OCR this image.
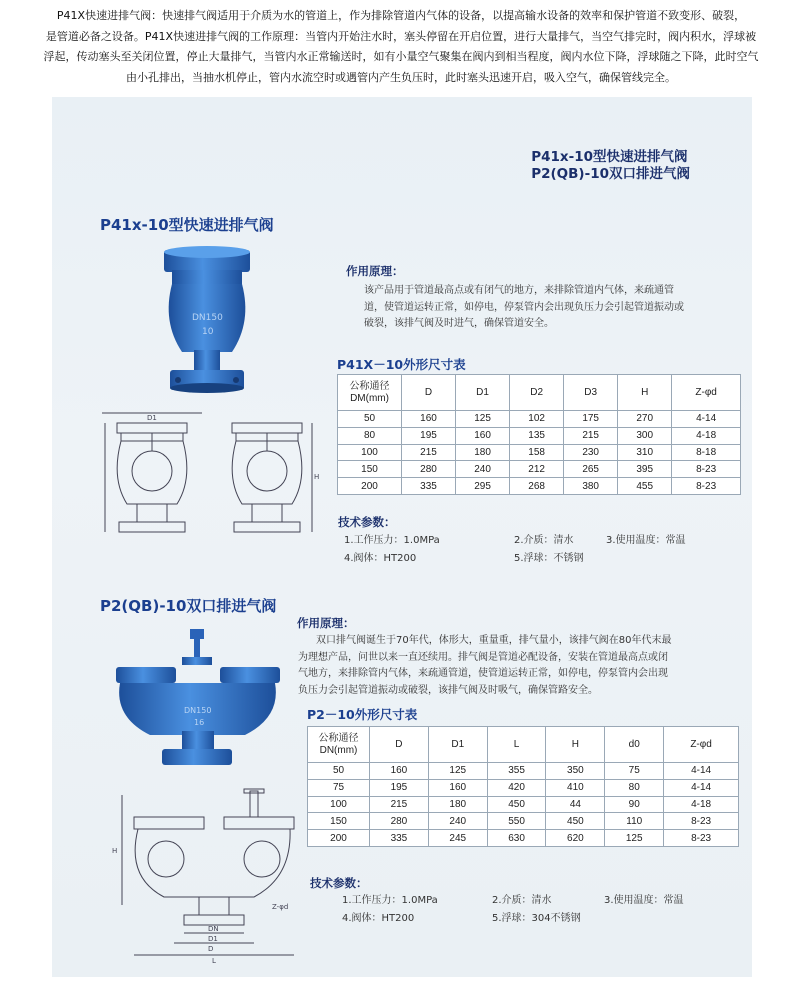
P41X快速进排气阀：快速排气阀适用于介质为水的管道上，作为排除管道内气体的设备，以提高输水设备的效率和保护管道不致变形、破裂，
是管道必备之设备。P41X快速进排气阀的工作原理：当管内开始注水时，塞头停留在开启位置，进行大量排气，当空气排完时，阀内积水，浮球被
浮起，传动塞头至关闭位置，停止大量排气，当管内水正常输送时，如有小量空气聚集在阀内到相当程度，阀内水位下降，浮球随之下降，此时空气
由小孔排出，当抽水机停止，管内水流空时或遇管内产生负压时，此时塞头迅速开启，吸入空气，确保管线完全。
P41x-10型快速进排气阀
P2(QB)-10双口排进气阀
P41x-10型快速进排气阀
DN150
10
D1
H
作用原理：
该产品用于管道最高点或有闭气的地方，来排除管道内气体，来疏通管
道，使管道运转正常，如停电，停泵管内会出现负压力会引起管道振动或
破裂，该排气阀及时进气，确保管道安全。
P41X－10外形尺寸表
公称通径
DM(mm)	D	D1	D2	D3	H	Z-φd
50	160	125	102	175	270	4-14
80	195	160	135	215	300	4-18
100	215	180	158	230	310	8-18
150	280	240	212	265	395	8-23
200	335	295	268	380	455	8-23
技术参数：
1.工作压力：1.0MPa	2.介质：清水	3.使用温度：常温
4.阀体：HT200	5.浮球：不锈钢
P2(QB)-10双口排进气阀
DN150
16
DN
D1
D
L
Z-φd
H
作用原理：
双口排气阀诞生于70年代，体形大，重量重，排气量小，该排气阀在80年代末最
为理想产品，问世以来一直还续用。排气阀是管道必配设备，安装在管道最高点或闭
气地方，来排除管内气体，来疏通管道，使管道运转正常，如停电，停泵管内会出现
负压力会引起管道振动或破裂，该排气阀及时吸气，确保管路安全。
P2－10外形尺寸表
公称通径
DN(mm)	D	D1	L	H	d0	Z-φd
50	160	125	355	350	75	4-14
75	195	160	420	410	80	4-14
100	215	180	450	44	90	4-18
150	280	240	550	450	110	8-23
200	335	245	630	620	125	8-23
技术参数：
1.工作压力：1.0MPa	2.介质：清水	3.使用温度：常温
4.阀体：HT200	5.浮球：304不锈钢
